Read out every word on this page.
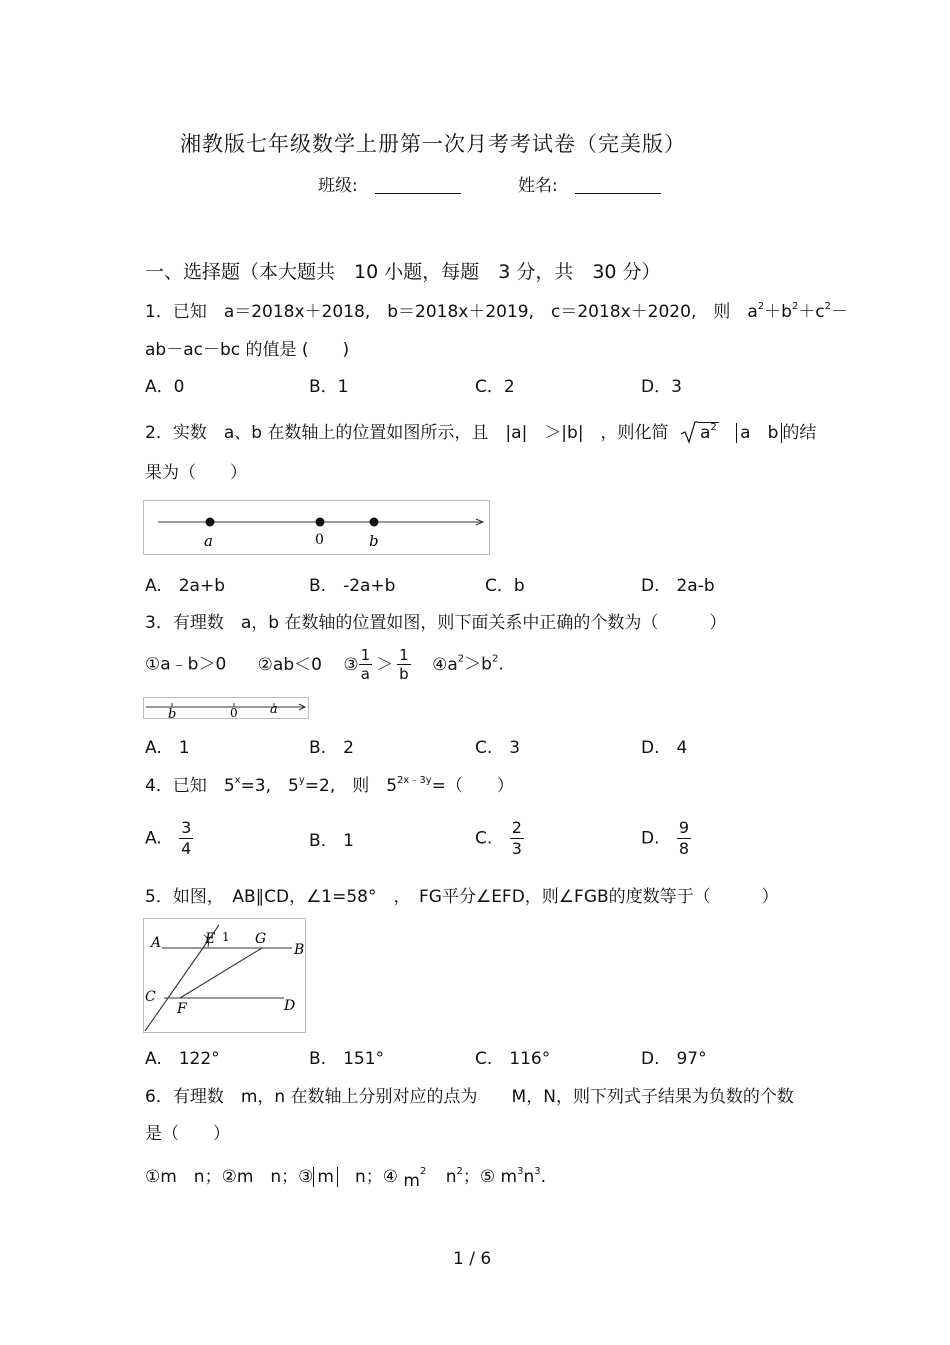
湘教版七年级数学上册第一次月考考试卷（完美版）
班级:	姓名:
一、选择题（本大题共　10 小题，每题　3 分，共　30 分）
1．已知　a＝2018x＋2018,　b＝2018x＋2019,　c＝2018x＋2020,　则　$a^2+b^2+c^2-$
ab－ac－bc 的值是 (　　)
A．0	B．1	C．2	D．3
2．实数　a、b 在数轴上的位置如图所示，且　|a|　＞|b|　，则化简 $a^2$ a　b 的结
果为（　　）
a	0	b
A.　2a+b	B.　-2a+b	C．b	D.　2a-b
3．有理数　a，b 在数轴的位置如图，则下面关系中正确的个数为（　　　）
①a﹣b＞0 ②ab＜0 ③ $\frac{1}{a} > \frac{1}{b}$ $④a^2>b^2$.
b	0 a
A.　1	B.　2	C.　3	D.　4
4．已知　$5^x=3$,　$5^y=2$,　则　$5^{2x﹣3y}=$（　　）
A. $\frac{3}{4}$	B.　1	C. $\frac{2}{3}$	D. $\frac{9}{8}$
5．如图，　AB∥CD，∠1=58°　，　FG平分∠EFD，则∠FGB的度数等于（　　　）
A	E 1 G
B
C
F	D
A.　122°	B.　151°	C.　116°	D.　97°
6．有理数　m，n 在数轴上分别对应的点为　　M，N，则下列式子结果为负数的个数
是（　　）
①m　n；②m　n；③ m　n；④ $m^2$ $n^2$；⑤ $m^3n^3$.
1 / 6
